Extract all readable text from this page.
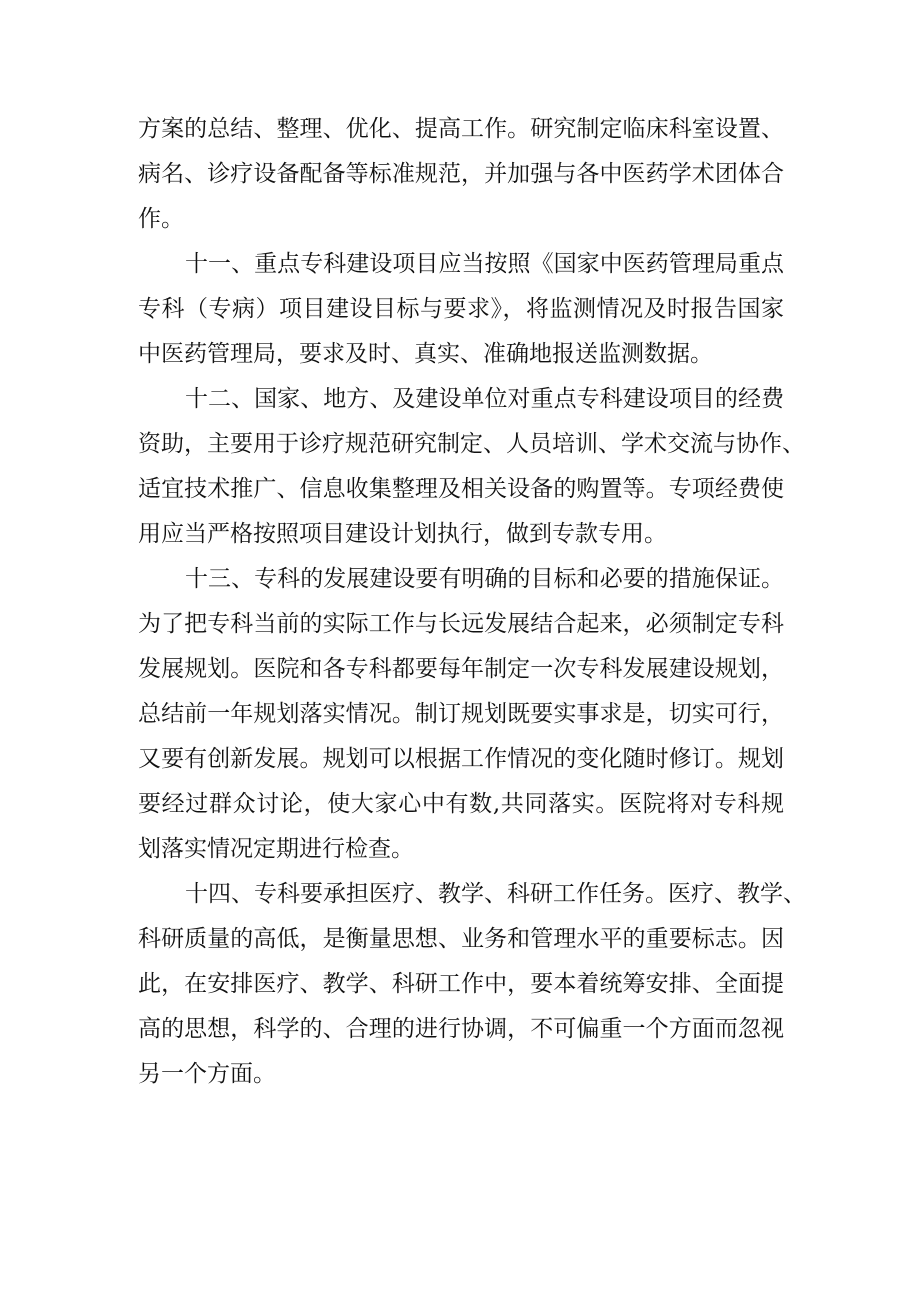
方案的总结、整理、优化、提高工作。研究制定临床科室设置、
病名、诊疗设备配备等标准规范，并加强与各中医药学术团体合
作。
十一、重点专科建设项目应当按照《国家中医药管理局重点
专科（专病）项目建设目标与要求》，将监测情况及时报告国家
中医药管理局，要求及时、真实、准确地报送监测数据。
十二、国家、地方、及建设单位对重点专科建设项目的经费
资助，主要用于诊疗规范研究制定、人员培训、学术交流与协作、
适宜技术推广、信息收集整理及相关设备的购置等。专项经费使
用应当严格按照项目建设计划执行，做到专款专用。
十三、专科的发展建设要有明确的目标和必要的措施保证。
为了把专科当前的实际工作与长远发展结合起来，必须制定专科
发展规划。医院和各专科都要每年制定一次专科发展建设规划，
总结前一年规划落实情况。制订规划既要实事求是，切实可行，
又要有创新发展。规划可以根据工作情况的变化随时修订。规划
要经过群众讨论，使大家心中有数,共同落实。医院将对专科规
划落实情况定期进行检查。
十四、专科要承担医疗、教学、科研工作任务。医疗、教学、
科研质量的高低，是衡量思想、业务和管理水平的重要标志。因
此，在安排医疗、教学、科研工作中，要本着统筹安排、全面提
高的思想，科学的、合理的进行协调，不可偏重一个方面而忽视
另一个方面。
